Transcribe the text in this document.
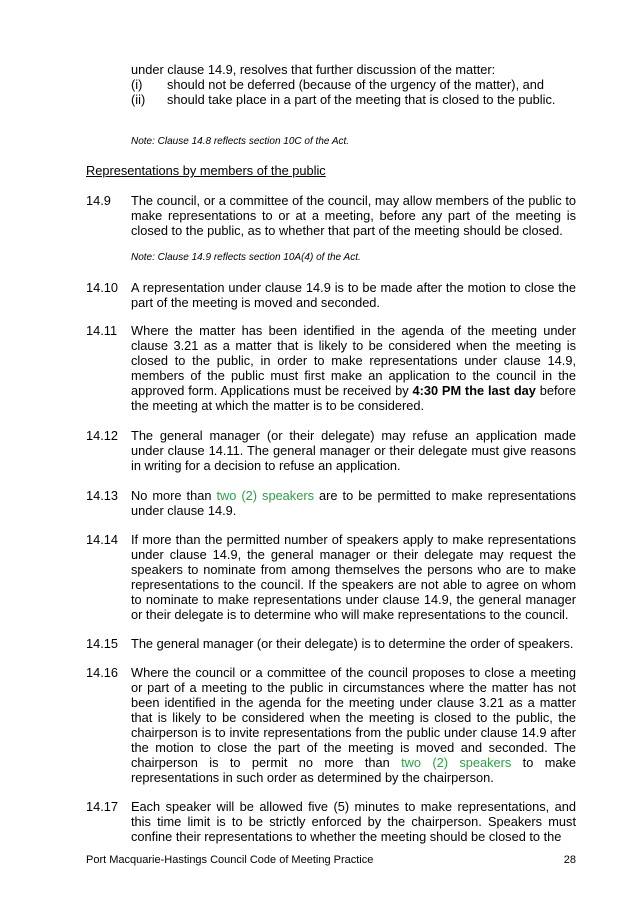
under clause 14.9, resolves that further discussion of the matter:
(i)	should not be deferred (because of the urgency of the matter), and
(ii)	should take place in a part of the meeting that is closed to the public.
Note: Clause 14.8 reflects section 10C of the Act.
Representations by members of the public
14.9	The council, or a committee of the council, may allow members of the public to make representations to or at a meeting, before any part of the meeting is closed to the public, as to whether that part of the meeting should be closed.
Note: Clause 14.9 reflects section 10A(4) of the Act.
14.10	A representation under clause 14.9 is to be made after the motion to close the part of the meeting is moved and seconded.
14.11	Where the matter has been identified in the agenda of the meeting under clause 3.21 as a matter that is likely to be considered when the meeting is closed to the public, in order to make representations under clause 14.9, members of the public must first make an application to the council in the approved form. Applications must be received by 4:30 PM the last day before the meeting at which the matter is to be considered.
14.12	The general manager (or their delegate) may refuse an application made under clause 14.11. The general manager or their delegate must give reasons in writing for a decision to refuse an application.
14.13	No more than two (2) speakers are to be permitted to make representations under clause 14.9.
14.14	If more than the permitted number of speakers apply to make representations under clause 14.9, the general manager or their delegate may request the speakers to nominate from among themselves the persons who are to make representations to the council. If the speakers are not able to agree on whom to nominate to make representations under clause 14.9, the general manager or their delegate is to determine who will make representations to the council.
14.15	The general manager (or their delegate) is to determine the order of speakers.
14.16	Where the council or a committee of the council proposes to close a meeting or part of a meeting to the public in circumstances where the matter has not been identified in the agenda for the meeting under clause 3.21 as a matter that is likely to be considered when the meeting is closed to the public, the chairperson is to invite representations from the public under clause 14.9 after the motion to close the part of the meeting is moved and seconded. The chairperson is to permit no more than two (2) speakers to make representations in such order as determined by the chairperson.
14.17	Each speaker will be allowed five (5) minutes to make representations, and this time limit is to be strictly enforced by the chairperson. Speakers must confine their representations to whether the meeting should be closed to the
Port Macquarie-Hastings Council Code of Meeting Practice	28
